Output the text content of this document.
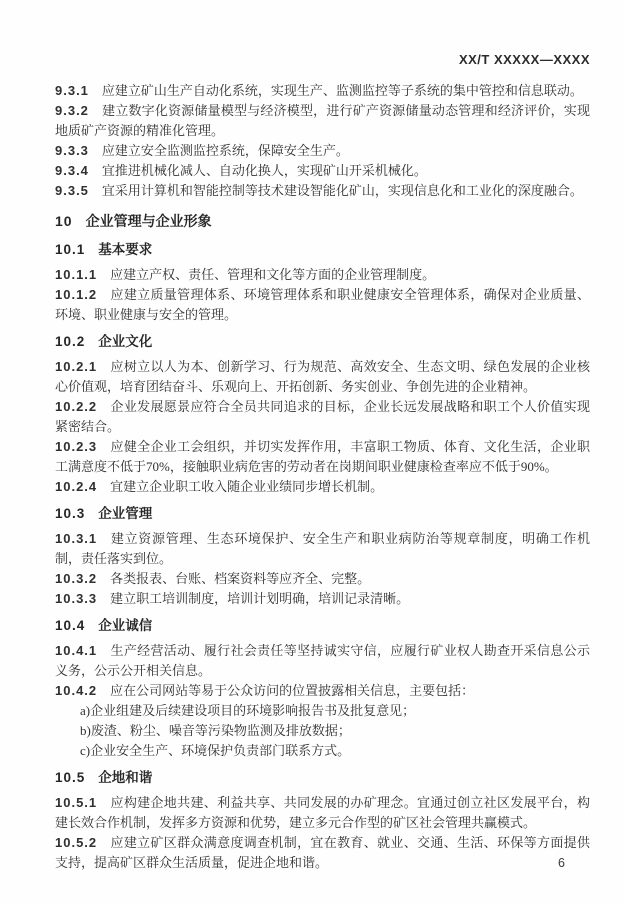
XX/T XXXXX—XXXX

9.3.1 应建立矿山生产自动化系统，实现生产、监测监控等子系统的集中管控和信息联动。

9.3.2 建立数字化资源储量模型与经济模型，进行矿产资源储量动态管理和经济评价，实现地质矿产资源的精准化管理。

9.3.3 应建立安全监测监控系统，保障安全生产。

9.3.4 宜推进机械化减人、自动化换人，实现矿山开采机械化。

9.3.5 宜采用计算机和智能控制等技术建设智能化矿山，实现信息化和工业化的深度融合。

10 企业管理与企业形象
10.1 基本要求

10.1.1 应建立产权、责任、管理和文化等方面的企业管理制度。

10.1.2 应建立质量管理体系、环境管理体系和职业健康安全管理体系，确保对企业质量、环境、职业健康与安全的管理。

10.2 企业文化

10.2.1 应树立以人为本、创新学习、行为规范、高效安全、生态文明、绿色发展的企业核心价值观，培育团结奋斗、乐观向上、开拓创新、务实创业、争创先进的企业精神。

10.2.2 企业发展愿景应符合全员共同追求的目标，企业长远发展战略和职工个人价值实现紧密结合。

10.2.3 应健全企业工会组织，并切实发挥作用，丰富职工物质、体育、文化生活，企业职工满意度不低于70%，接触职业病危害的劳动者在岗期间职业健康检查率应不低于90%。

10.2.4 宜建立企业职工收入随企业业绩同步增长机制。

10.3 企业管理

10.3.1 建立资源管理、生态环境保护、安全生产和职业病防治等规章制度，明确工作机制，责任落实到位。

10.3.2 各类报表、台账、档案资料等应齐全、完整。

10.3.3 建立职工培训制度，培训计划明确，培训记录清晰。

10.4 企业诚信

10.4.1 生产经营活动、履行社会责任等坚持诚实守信，应履行矿业权人勘查开采信息公示义务，公示公开相关信息。

10.4.2 应在公司网站等易于公众访问的位置披露相关信息，主要包括：

a)企业组建及后续建设项目的环境影响报告书及批复意见；

b)废渣、粉尘、噪音等污染物监测及排放数据；

c)企业安全生产、环境保护负责部门联系方式。

10.5 企地和谐

10.5.1 应构建企地共建、利益共享、共同发展的办矿理念。宜通过创立社区发展平台，构建长效合作机制，发挥多方资源和优势，建立多元合作型的矿区社会管理共赢模式。

10.5.2 应建立矿区群众满意度调查机制，宜在教育、就业、交通、生活、环保等方面提供支持，提高矿区群众生活质量，促进企地和谐。	6
